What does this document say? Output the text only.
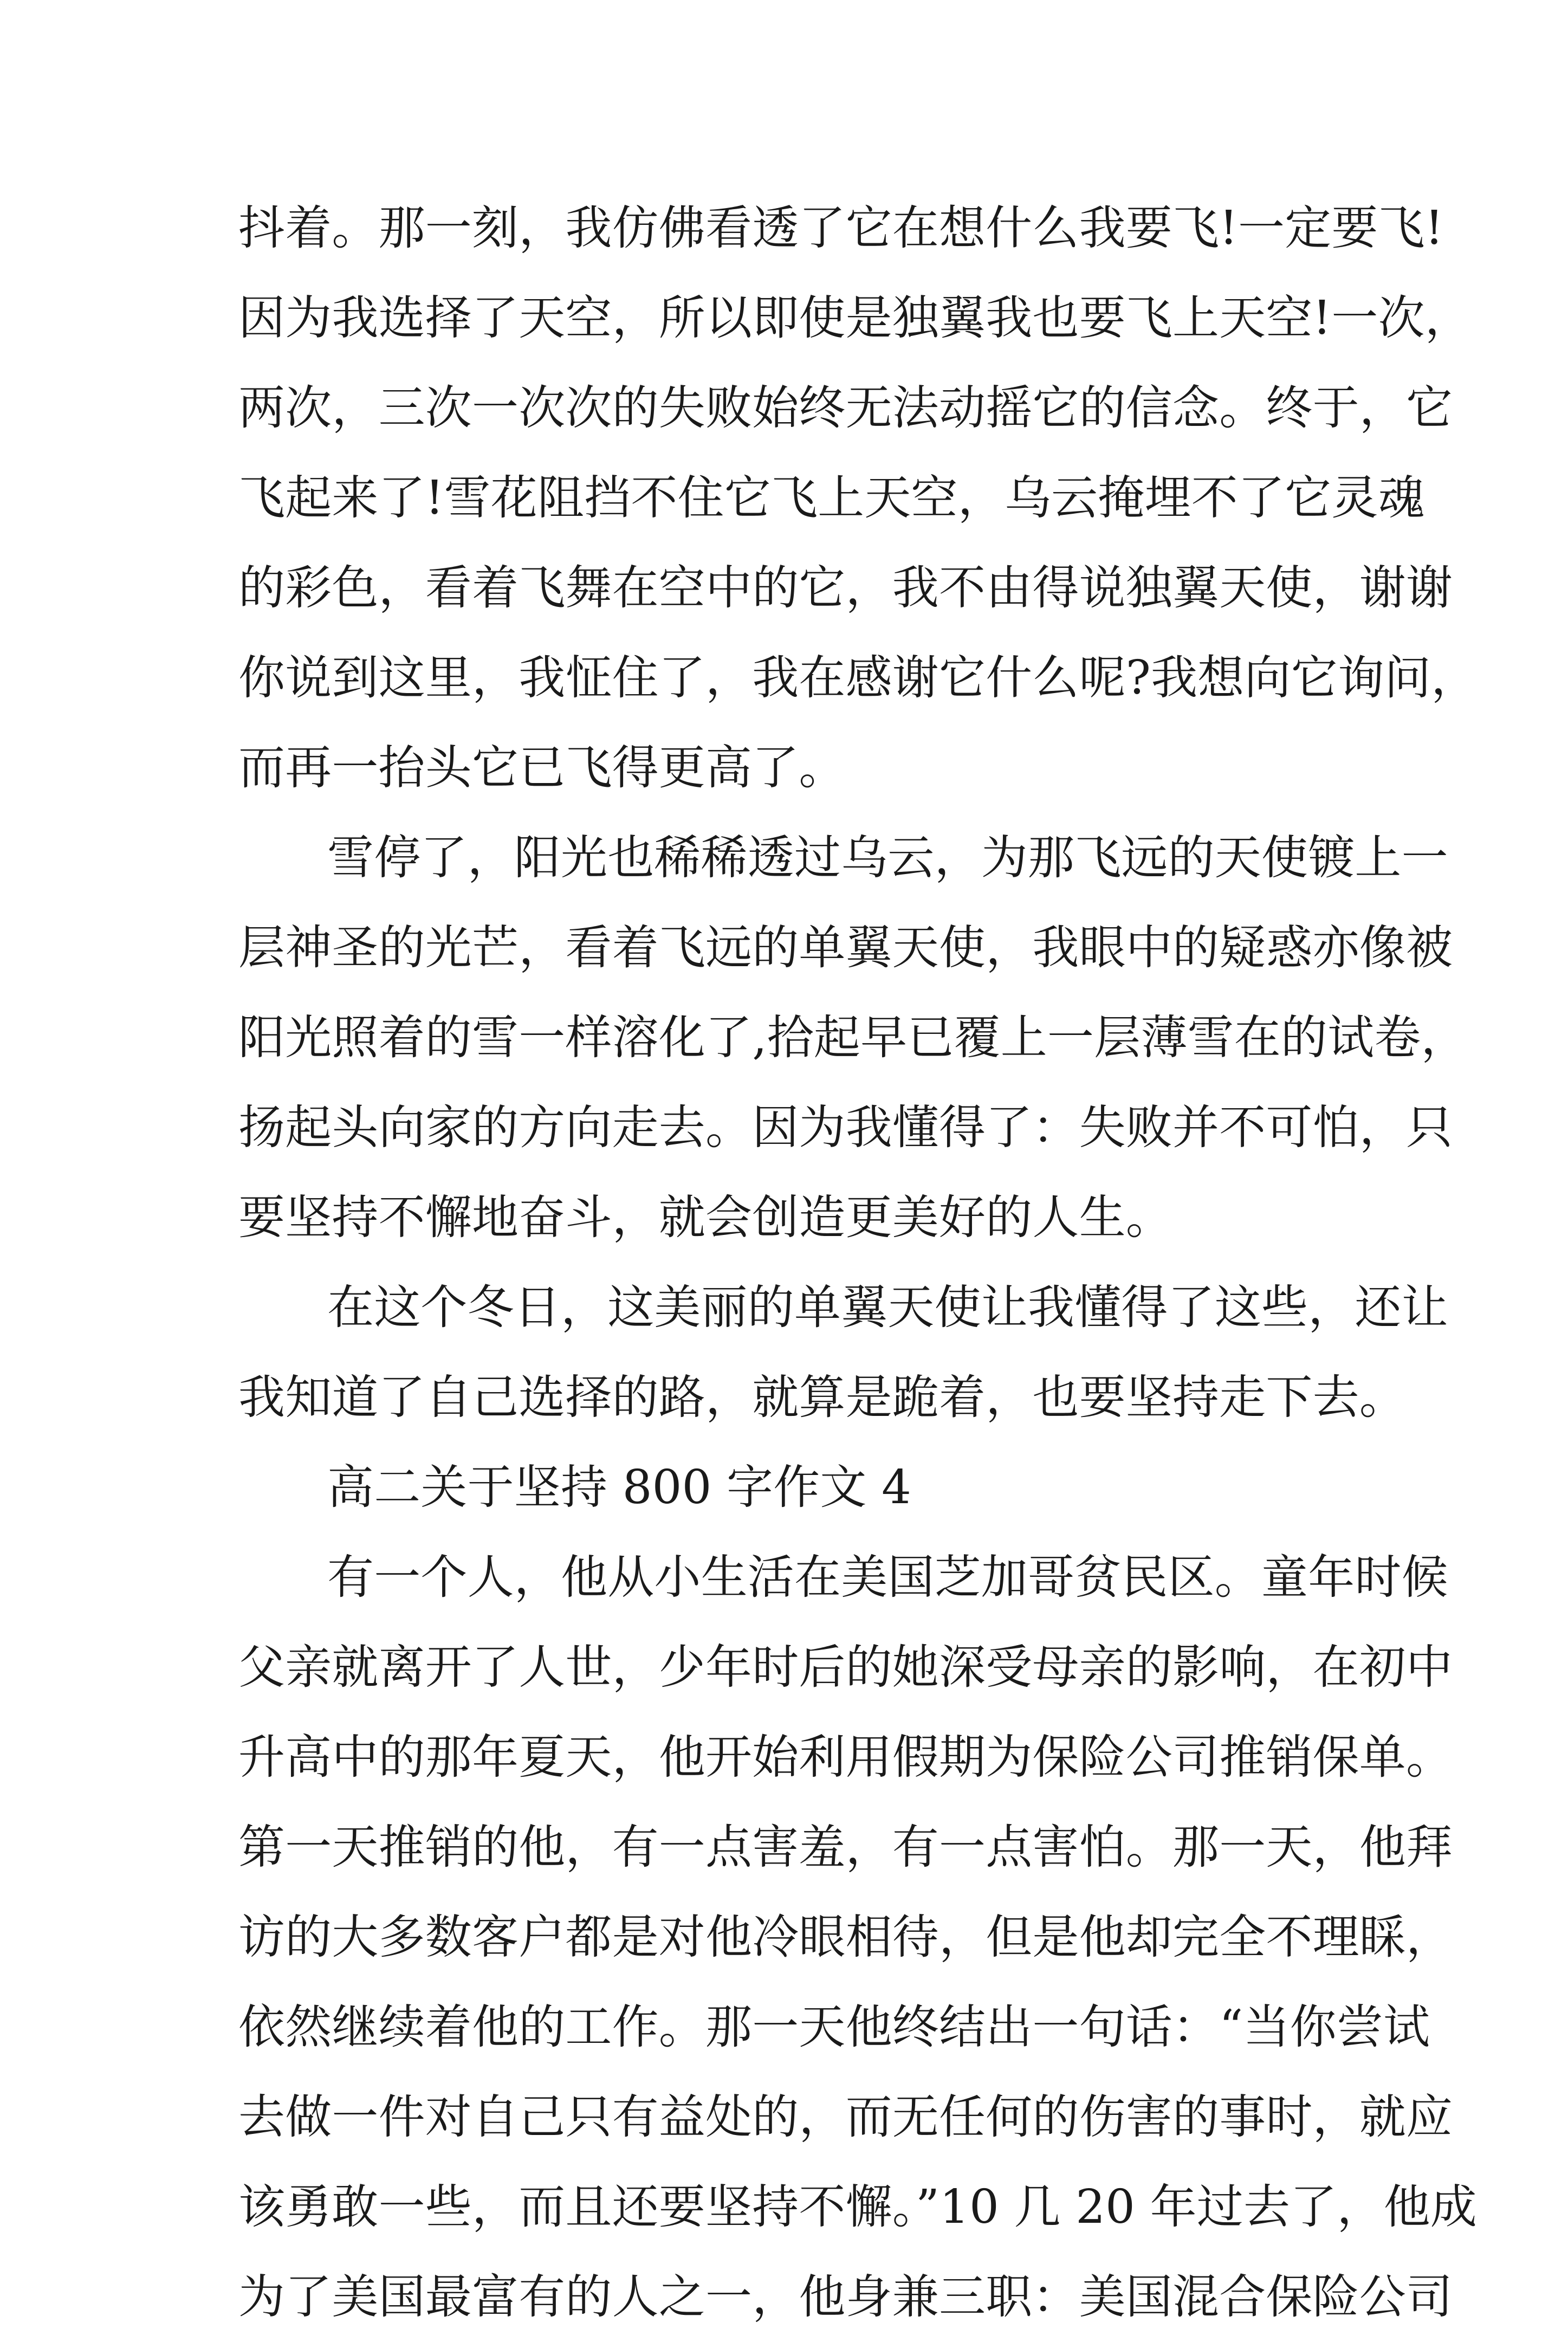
抖着。那一刻，我仿佛看透了它在想什么我要飞!一定要飞!
因为我选择了天空，所以即使是独翼我也要飞上天空!一次，
两次，三次一次次的失败始终无法动摇它的信念。终于，它
飞起来了!雪花阻挡不住它飞上天空，乌云掩埋不了它灵魂
的彩色，看着飞舞在空中的它，我不由得说独翼天使，谢谢
你说到这里，我怔住了，我在感谢它什么呢?我想向它询问，
而再一抬头它已飞得更高了。
雪停了，阳光也稀稀透过乌云，为那飞远的天使镀上一
层神圣的光芒，看着飞远的单翼天使，我眼中的疑惑亦像被
阳光照着的雪一样溶化了,拾起早已覆上一层薄雪在的试卷，
扬起头向家的方向走去。因为我懂得了：失败并不可怕，只
要坚持不懈地奋斗，就会创造更美好的人生。
在这个冬日，这美丽的单翼天使让我懂得了这些，还让
我知道了自己选择的路，就算是跪着，也要坚持走下去。
高二关于坚持 800 字作文 4
有一个人，他从小生活在美国芝加哥贫民区。童年时候
父亲就离开了人世，少年时后的她深受母亲的影响，在初中
升高中的那年夏天，他开始利用假期为保险公司推销保单。
第一天推销的他，有一点害羞，有一点害怕。那一天，他拜
访的大多数客户都是对他冷眼相待，但是他却完全不理睬，
依然继续着他的工作。那一天他终结出一句话：“当你尝试
去做一件对自己只有益处的，而无任何的伤害的事时，就应
该勇敢一些，而且还要坚持不懈。”10 几 20 年过去了，他成
为了美国最富有的人之一，他身兼三职：美国混合保险公司
